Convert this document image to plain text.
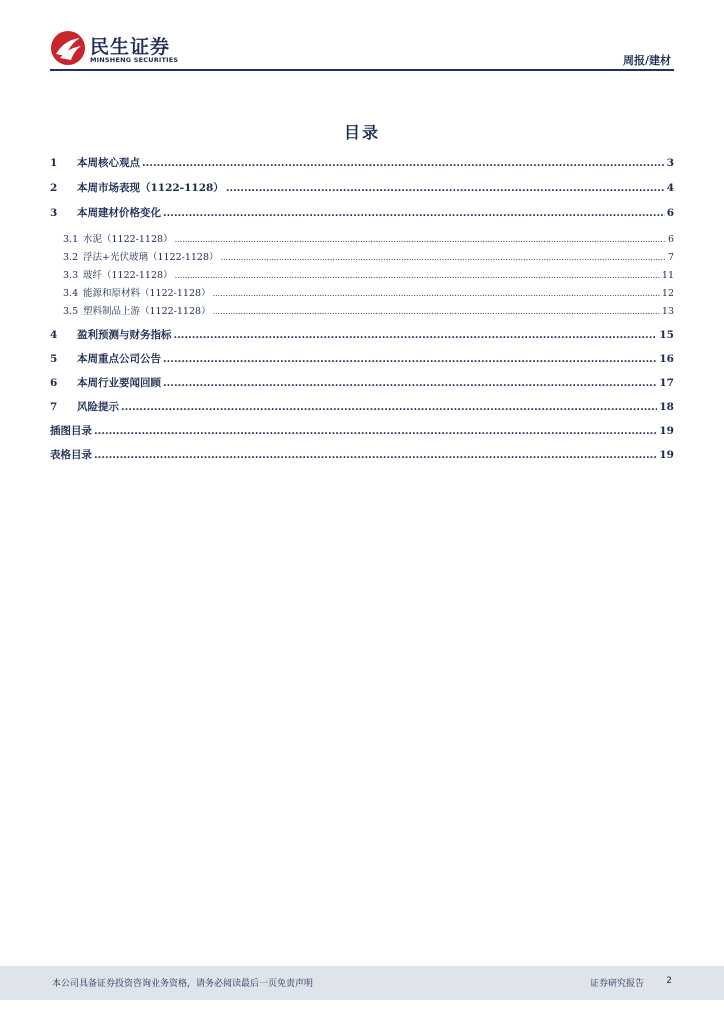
民生证券
MINSHENG SECURITIES	周报/建材
目录
1	本周核心观点 .....	3
2	本周市场表现（1122-1128） .....	4
3	本周建材价格变化 .....	6
3.1 水泥（1122-1128） .....	6
3.2 浮法+光伏玻璃（1122-1128） .....	7
3.3 玻纤（1122-1128） .....	11
3.4 能源和原材料（1122-1128） .....	12
3.5 塑料制品上游（1122-1128） .....	13
4	盈利预测与财务指标 .....	15
5	本周重点公司公告 .....	16
6	本周行业要闻回顾 .....	17
7	风险提示 .....	18
插图目录 .....	19
表格目录 .....	19
本公司具备证券投资咨询业务资格，请务必阅读最后一页免责声明	证券研究报告 2
